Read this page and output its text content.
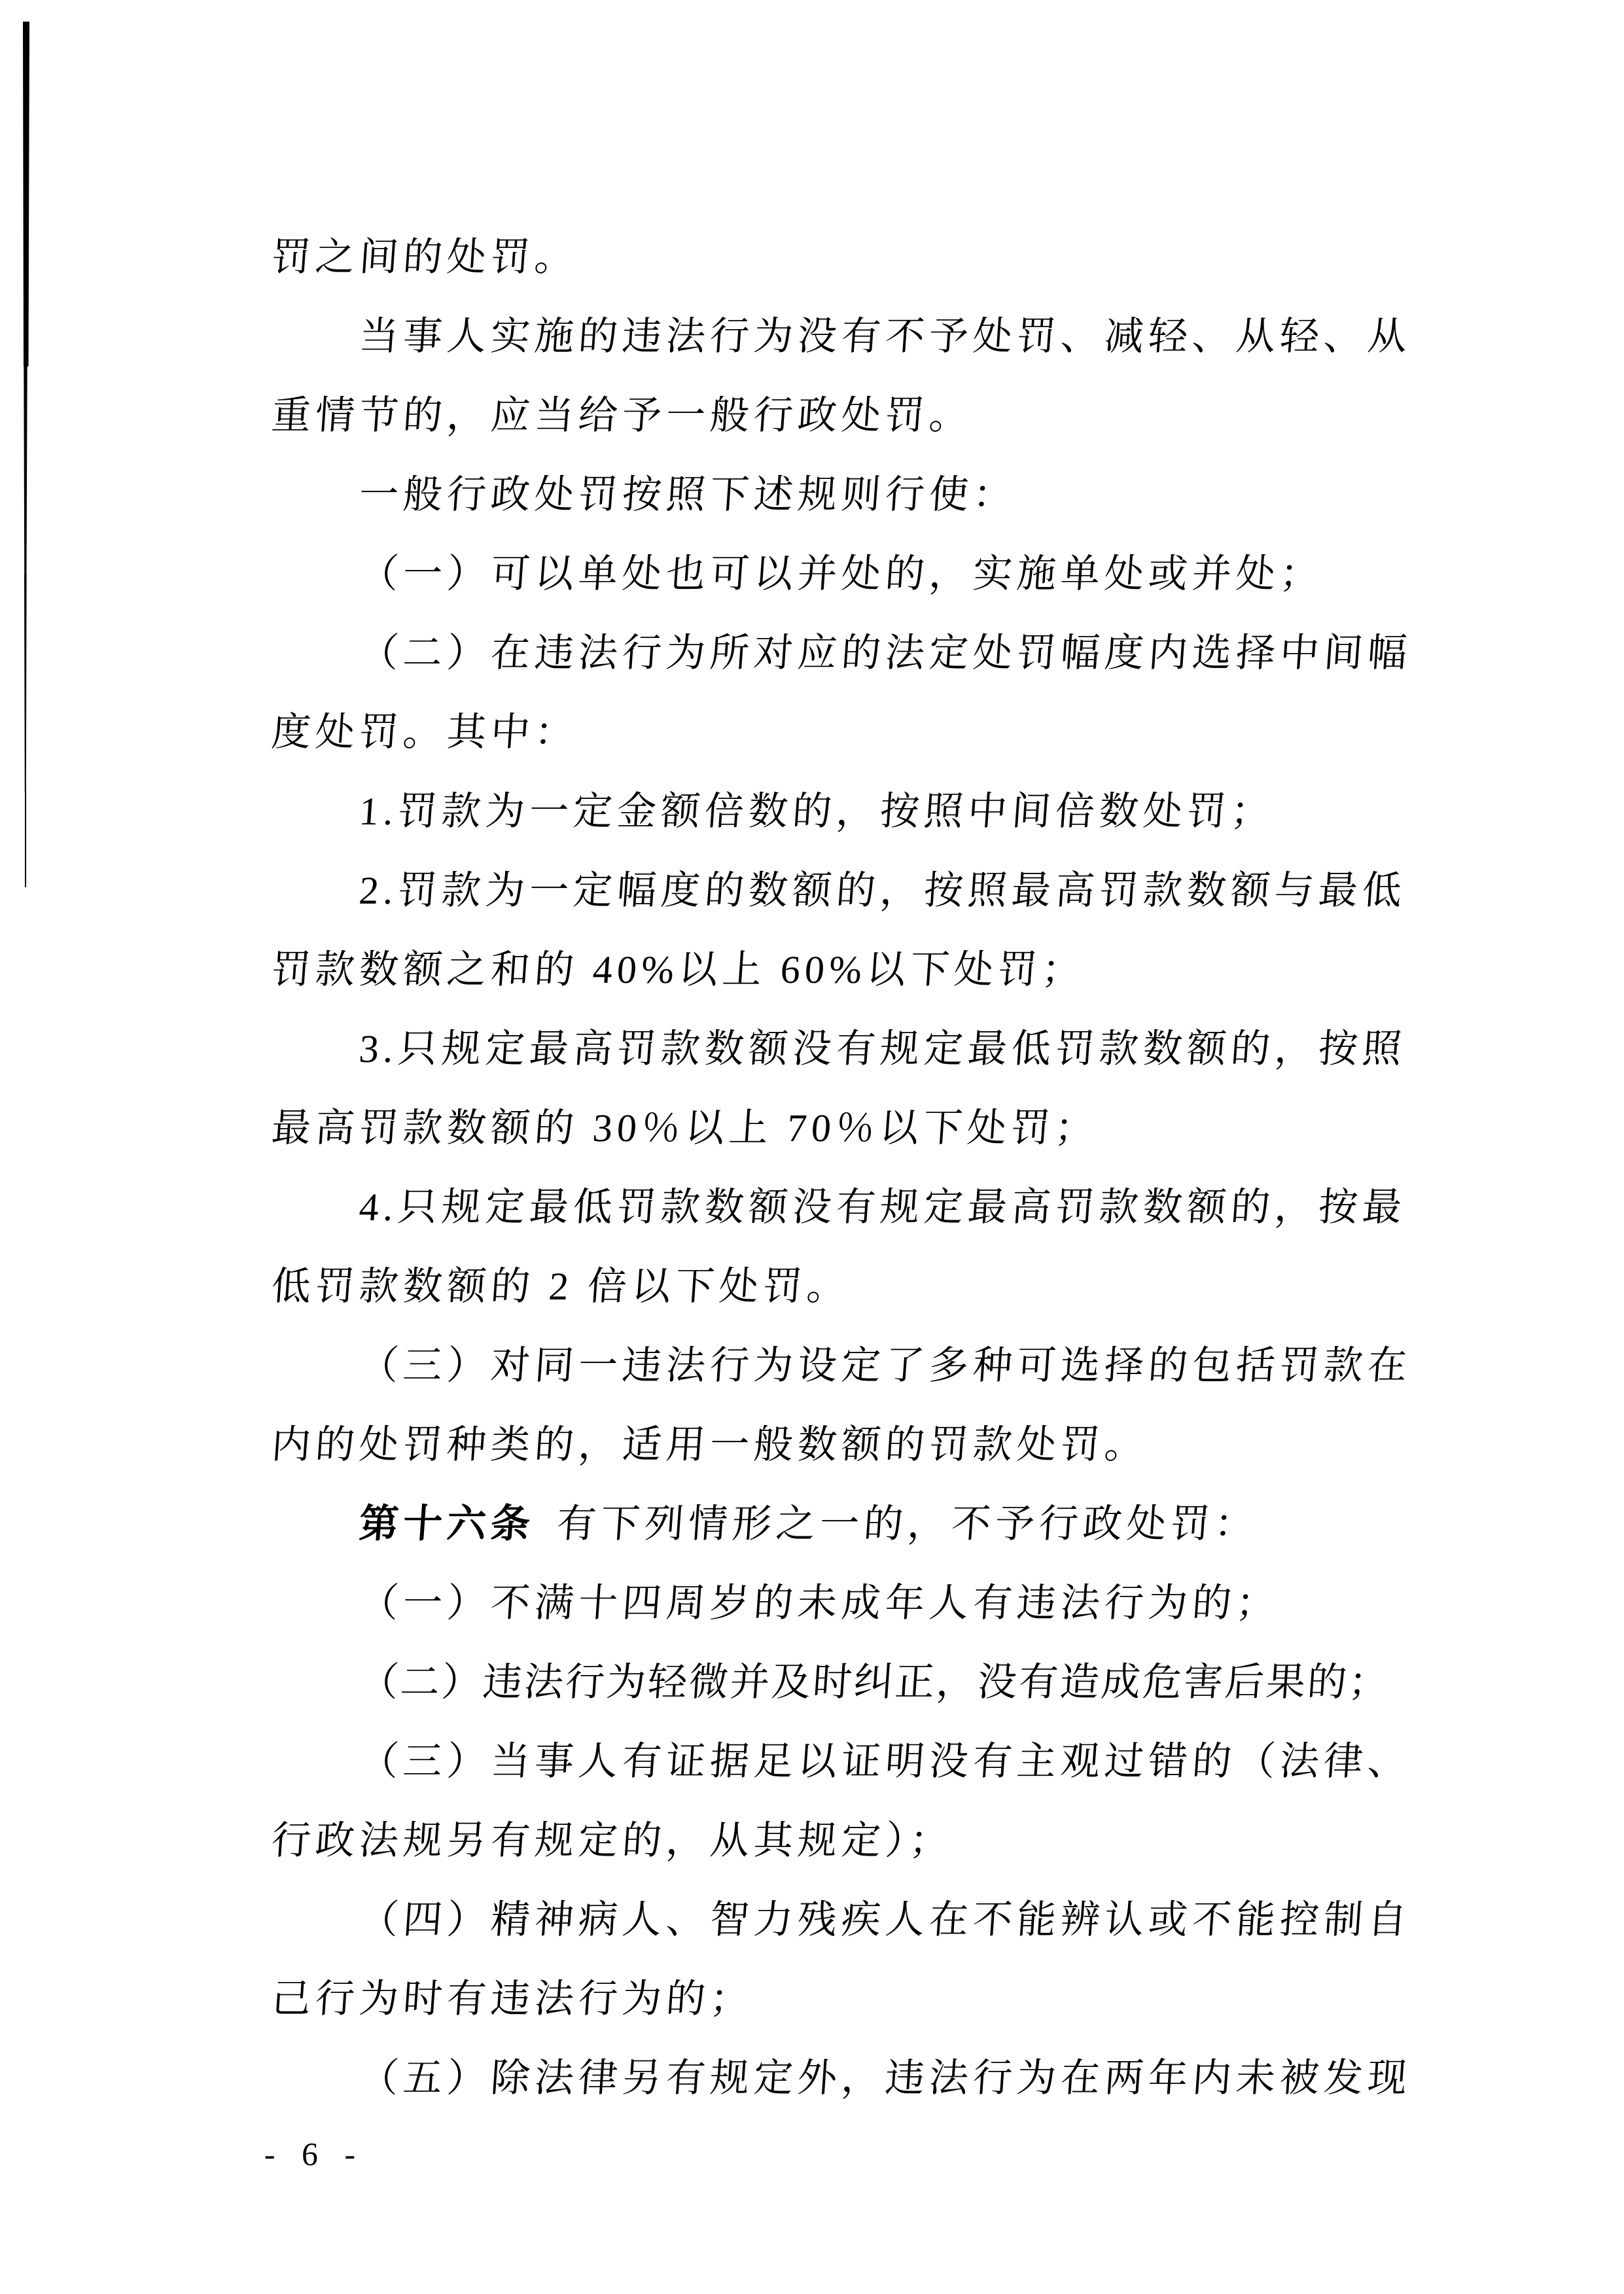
罚之间的处罚。
当事人实施的违法行为没有不予处罚、减轻、从轻、从
重情节的，应当给予一般行政处罚。
一般行政处罚按照下述规则行使：
（一）可以单处也可以并处的，实施单处或并处；
（二）在违法行为所对应的法定处罚幅度内选择中间幅
度处罚。其中：
1.罚款为一定金额倍数的，按照中间倍数处罚；
2.罚款为一定幅度的数额的，按照最高罚款数额与最低
罚款数额之和的 40%以上 60%以下处罚；
3.只规定最高罚款数额没有规定最低罚款数额的，按照
最高罚款数额的 30％以上 70％以下处罚；
4.只规定最低罚款数额没有规定最高罚款数额的，按最
低罚款数额的 2 倍以下处罚。
（三）对同一违法行为设定了多种可选择的包括罚款在
内的处罚种类的，适用一般数额的罚款处罚。
第十六条 有下列情形之一的，不予行政处罚：
（一）不满十四周岁的未成年人有违法行为的；
（二）违法行为轻微并及时纠正，没有造成危害后果的；
（三）当事人有证据足以证明没有主观过错的（法律、
行政法规另有规定的，从其规定）；
（四）精神病人、智力残疾人在不能辨认或不能控制自
己行为时有违法行为的；
（五）除法律另有规定外，违法行为在两年内未被发现
- 6 -
